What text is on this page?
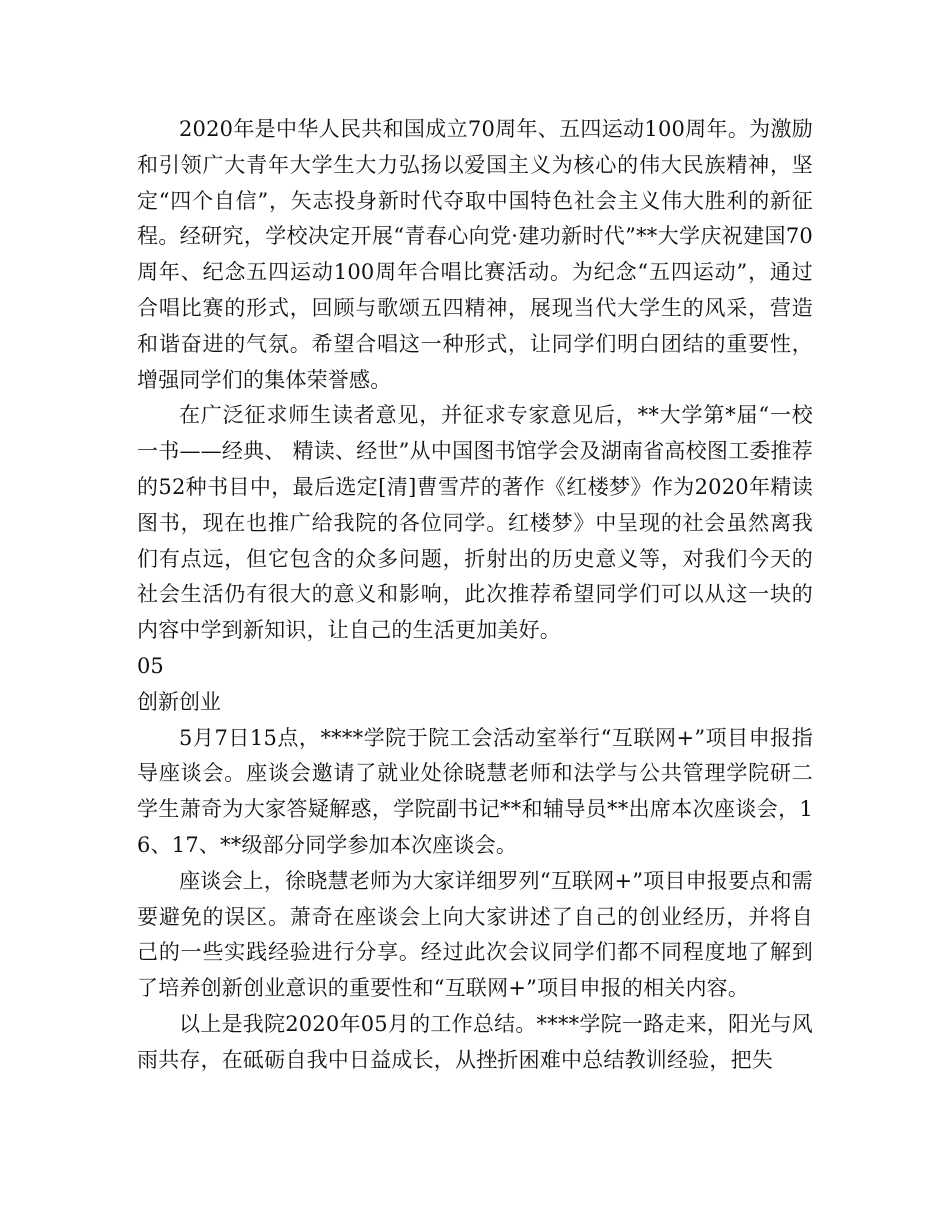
2020年是中华人民共和国成立70周年、五四运动100周年。为激励和引领广大青年大学生大力弘扬以爱国主义为核心的伟大民族精神，坚定“四个自信”，矢志投身新时代夺取中国特色社会主义伟大胜利的新征程。经研究，学校决定开展“青春心向党·建功新时代”**大学庆祝建国70周年、纪念五四运动100周年合唱比赛活动。为纪念“五四运动”，通过合唱比赛的形式，回顾与歌颂五四精神，展现当代大学生的风采，营造和谐奋进的气氛。希望合唱这一种形式，让同学们明白团结的重要性，增强同学们的集体荣誉感。

在广泛征求师生读者意见，并征求专家意见后，**大学第*届“一校一书——经典、 精读、经世”从中国图书馆学会及湖南省高校图工委推荐的52种书目中，最后选定[清]曹雪芹的著作《红楼梦》作为2020年精读图书，现在也推广给我院的各位同学。红楼梦》中呈现的社会虽然离我们有点远，但它包含的众多问题，折射出的历史意义等，对我们今天的社会生活仍有很大的意义和影响，此次推荐希望同学们可以从这一块的内容中学到新知识，让自己的生活更加美好。

05

创新创业

5月7日15点，****学院于院工会活动室举行“互联网+”项目申报指导座谈会。座谈会邀请了就业处徐晓慧老师和法学与公共管理学院研二学生萧奇为大家答疑解惑，学院副书记**和辅导员**出席本次座谈会，16、17、**级部分同学参加本次座谈会。

座谈会上，徐晓慧老师为大家详细罗列“互联网+”项目申报要点和需要避免的误区。萧奇在座谈会上向大家讲述了自己的创业经历，并将自己的一些实践经验进行分享。经过此次会议同学们都不同程度地了解到了培养创新创业意识的重要性和“互联网+”项目申报的相关内容。

以上是我院2020年05月的工作总结。****学院一路走来，阳光与风雨共存，在砥砺自我中日益成长，从挫折困难中总结教训经验，把失
